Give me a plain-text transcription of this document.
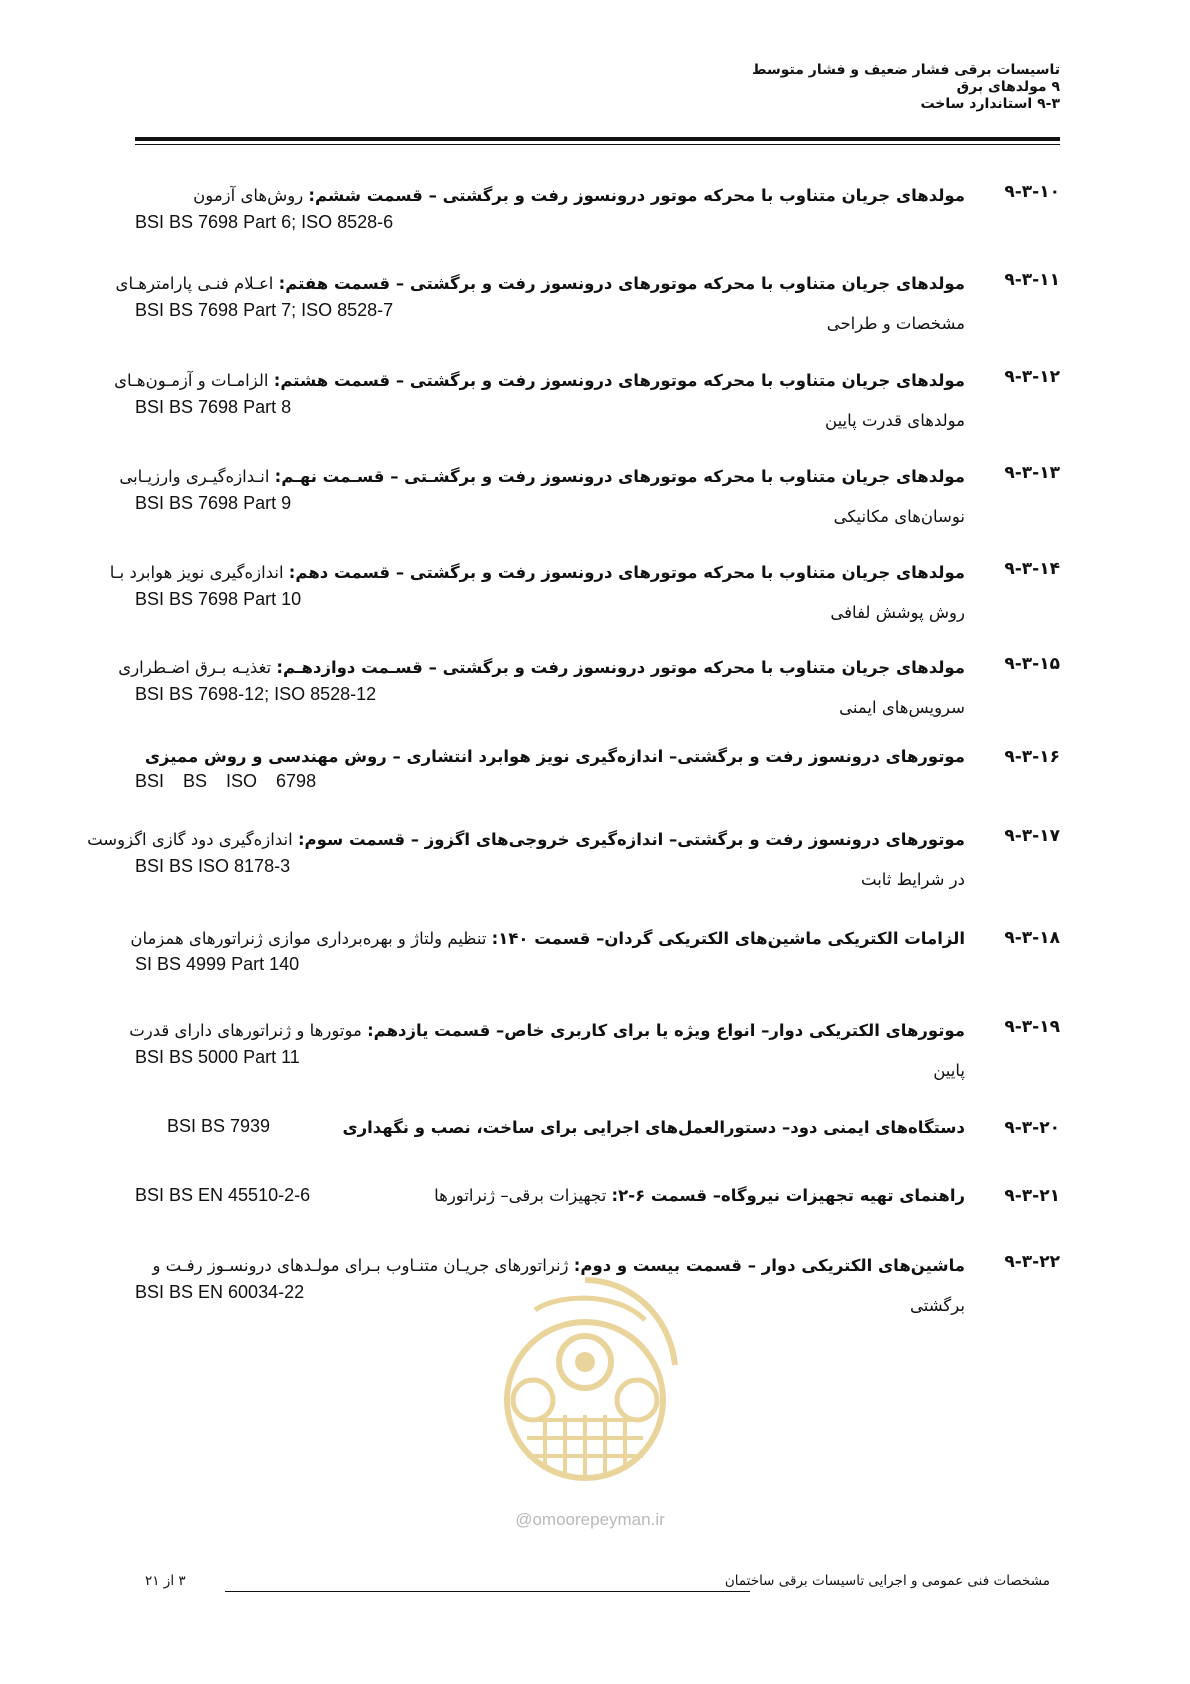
تاسیسات برقی فشار ضعیف و فشار متوسط
۹ مولدهای برق
۹-۳ استاندارد ساخت
۹-۳-۱۰
مولدهای جریان متناوب با محرکه موتور درونسوز رفت و برگشتی – قسمت ششم: روش‌های آزمون

BSI BS 7698 Part 6; ISO 8528-6
۹-۳-۱۱
مولدهای جریان متناوب با محرکه موتورهای درونسوز رفت و برگشتی – قسمت هفتم: اعـلام فنـی پارامترهـای
مشخصات و طراحی
BSI BS 7698 Part 7; ISO 8528-7
۹-۳-۱۲
مولدهای جریان متناوب با محرکه موتورهای درونسوز رفت و برگشتی – قسمت هشتم: الزامـات و آزمـون‌هـای
مولدهای قدرت پایین
BSI BS 7698 Part 8
۹-۳-۱۳
مولدهای جریان متناوب با محرکه موتورهای درونسوز رفت و برگشـتی – قسـمت نهـم: انـدازه‌گیـری وارزیـابی
نوسان‌های مکانیکی
BSI BS 7698 Part 9
۹-۳-۱۴
مولدهای جریان متناوب با محرکه موتورهای درونسوز رفت و برگشتی – قسمت دهم: اندازه‌گیری نویز هوابرد بـا
روش پوشش لفافی
BSI BS 7698 Part 10
۹-۳-۱۵
مولدهای جریان متناوب با محرکه موتور درونسوز رفت و برگشتی – قسـمت دوازدهـم: تغذیـه بـرق اضـطراری
سرویس‌های ایمنی
BSI BS 7698-12; ISO 8528-12
۹-۳-۱۶
موتورهای درونسوز رفت و برگشتی– اندازه‌گیری نویز هوابرد انتشاری – روش مهندسی و روش ممیزی
BSI BS ISO 6798
۹-۳-۱۷
موتورهای درونسوز رفت و برگشتی– اندازه‌گیری خروجی‌های اگزوز – قسمت سوم: اندازه‌گیری دود گازی اگزوست
در شرایط ثابت
BSI BS ISO 8178-3
۹-۳-۱۸
الزامات الکتریکی ماشین‌های الکتریکی گردان– قسمت ۱۴۰: تنظیم ولتاژ و بهره‌برداری موازی ژنراتورهای همزمان
SI BS 4999 Part 140
۹-۳-۱۹
موتورهای الکتریکی دوار– انواع ویژه یا برای کاربری خاص– قسمت یازدهم: موتورها و ژنراتورهای دارای قدرت
پایین
BSI BS 5000 Part 11
۹-۳-۲۰
دستگاه‌های ایمنی دود– دستورالعمل‌های اجرایی برای ساخت، نصب و نگهداری
BSI BS 7939
۹-۳-۲۱
راهنمای تهیه تجهیزات نیروگاه– قسمت ۶-۲: تجهیزات برقی– ژنراتورها
BSI BS EN 45510-2-6
۹-۳-۲۲
ماشین‌های الکتریکی دوار – قسمت بیست و دوم: ژنراتورهای جریـان متنـاوب بـرای مولـدهای درونسـوز رفـت و
برگشتی
BSI BS EN 60034-22
@omoorepeyman.ir
مشخصات فنی عمومی و اجرایی تاسیسات برقی ساختمان
۳ از ۲۱
